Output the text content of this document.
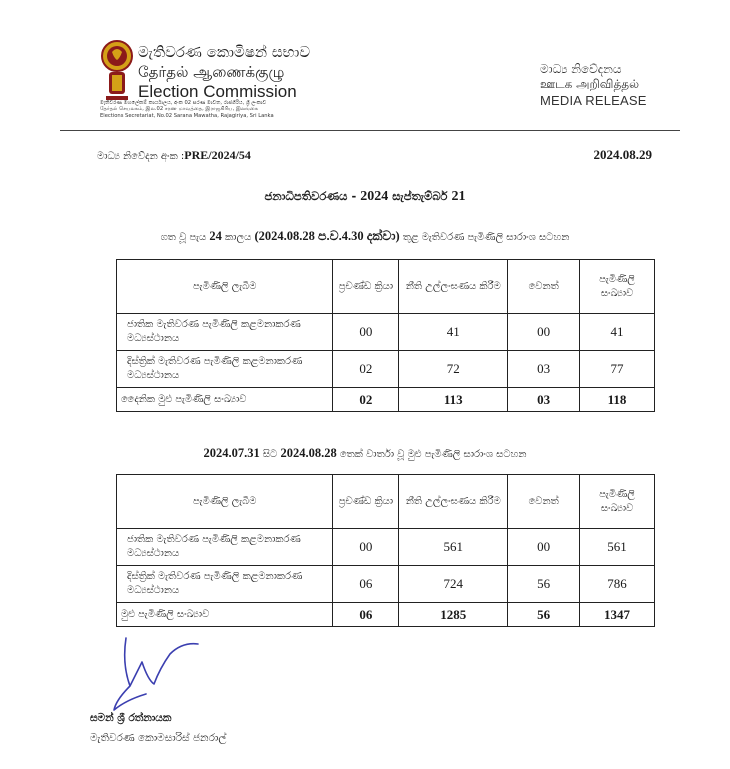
මැතිවරණ කොමිෂන් සභාව
தேர்தல் ஆணைக்குழு
Election Commission
මැතිවරණ මහලේකම් කාර්යාලය, අංක 02 සරණ මාවත, රාජගිරිය, ශ්‍රී ලංකාව
தேர்தல் செயலகம், இல.02 சரண மாவத்தை, இராஜகிரிய, இலங்கை
Elections Secretariat, No.02 Sarana Mawatha, Rajagiriya, Sri Lanka
මාධ්‍ය නිවේදනය
ஊடக அறிவித்தல்
MEDIA RELEASE
මාධ්‍ය නිවේදන අංක :PRE/2024/54	2024.08.29
ජනාධිපතිවරණය - 2024 සැප්තැම්බර් 21
ගත වූ පැය 24 කාලය (2024.08.28 ප.ව.4.30 දක්වා) තුළ මැතිවරණ පැමිණිලි සාරාංශ සටහන
පැමිණිලි ලැබීම	ප්‍රචණ්ඩ ක්‍රියා	නීති උල්ලංඝණය කිරීම	වෙනත්	පැමිණිලි සංඛ්‍යාව
ජාතික මැතිවරණ පැමිණිලි කළමනාකරණ මධ්‍යස්ථානය	00	41	00	41
දිස්ත්‍රික් මැතිවරණ පැමිණිලි කළමනාකරණ මධ්‍යස්ථානය	02	72	03	77
දෛනික මුළු පැමිණිලි සංඛ්‍යාව	02	113	03	118
2024.07.31 සිට 2024.08.28 තෙක් වාර්තා වූ මුළු පැමිණිලි සාරාංශ සටහන
පැමිණිලි ලැබීම	ප්‍රචණ්ඩ ක්‍රියා	නීති උල්ලංඝණය කිරීම	වෙනත්	පැමිණිලි සංඛ්‍යාව
ජාතික මැතිවරණ පැමිණිලි කළමනාකරණ මධ්‍යස්ථානය	00	561	00	561
දිස්ත්‍රික් මැතිවරණ පැමිණිලි කළමනාකරණ මධ්‍යස්ථානය	06	724	56	786
මුළු පැමිණිලි සංඛ්‍යාව	06	1285	56	1347
සමන් ශ්‍රී රත්නායක
මැතිවරණ කොමසාරිස් ජනරාල්
